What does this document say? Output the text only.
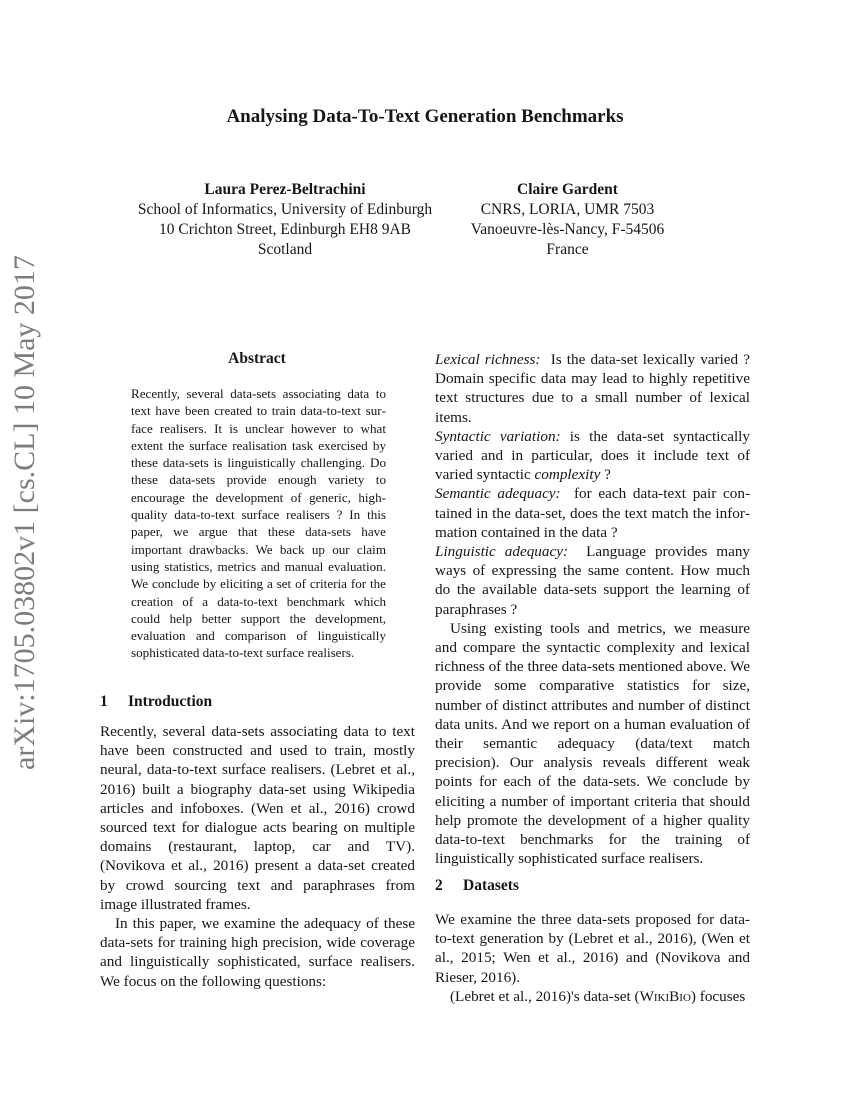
arXiv:1705.03802v1 [cs.CL] 10 May 2017
Analysing Data-To-Text Generation Benchmarks
Laura Perez-Beltrachini
School of Informatics, University of Edinburgh
10 Crichton Street, Edinburgh EH8 9AB
Scotland
Claire Gardent
CNRS, LORIA, UMR 7503
Vanoeuvre-lès-Nancy, F-54506
France
Abstract
Recently, several data-sets associating data to text have been created to train data-to-text surface realisers. It is unclear however to what extent the surface realisation task exercised by these data-sets is linguistically challenging. Do these data-sets provide enough variety to encourage the development of generic, high-quality data-to-text surface realisers ? In this paper, we argue that these data-sets have important drawbacks. We back up our claim using statistics, metrics and manual evaluation. We conclude by eliciting a set of criteria for the creation of a data-to-text benchmark which could help better support the development, evaluation and comparison of linguistically sophisticated data-to-text surface realisers.
1 Introduction

Recently, several data-sets associating data to text have been constructed and used to train, mostly neural, data-to-text surface realisers. (Lebret et al., 2016) built a biography data-set using Wikipedia articles and infoboxes. (Wen et al., 2016) crowd sourced text for dialogue acts bearing on multiple domains (restaurant, laptop, car and TV). (Novikova et al., 2016) present a data-set created by crowd sourcing text and paraphrases from image illustrated frames.

In this paper, we examine the adequacy of these data-sets for training high precision, wide coverage and linguistically sophisticated, surface realisers. We focus on the following questions:

Lexical richness: Is the data-set lexically varied ? Domain specific data may lead to highly repetitive text structures due to a small number of lexical items.

Syntactic variation: is the data-set syntactically varied and in particular, does it include text of varied syntactic complexity ?

Semantic adequacy: for each data-text pair contained in the data-set, does the text match the information contained in the data ?

Linguistic adequacy: Language provides many ways of expressing the same content. How much do the available data-sets support the learning of paraphrases ?

Using existing tools and metrics, we measure and compare the syntactic complexity and lexical richness of the three data-sets mentioned above. We provide some comparative statistics for size, number of distinct attributes and number of distinct data units. And we report on a human evaluation of their semantic adequacy (data/text match precision). Our analysis reveals different weak points for each of the data-sets. We conclude by eliciting a number of important criteria that should help promote the development of a higher quality data-to-text benchmarks for the training of linguistically sophisticated surface realisers.

2 Datasets

We examine the three data-sets proposed for data-to-text generation by (Lebret et al., 2016), (Wen et al., 2015; Wen et al., 2016) and (Novikova and Rieser, 2016).

(Lebret et al., 2016)'s data-set (WikiBio) focuses
